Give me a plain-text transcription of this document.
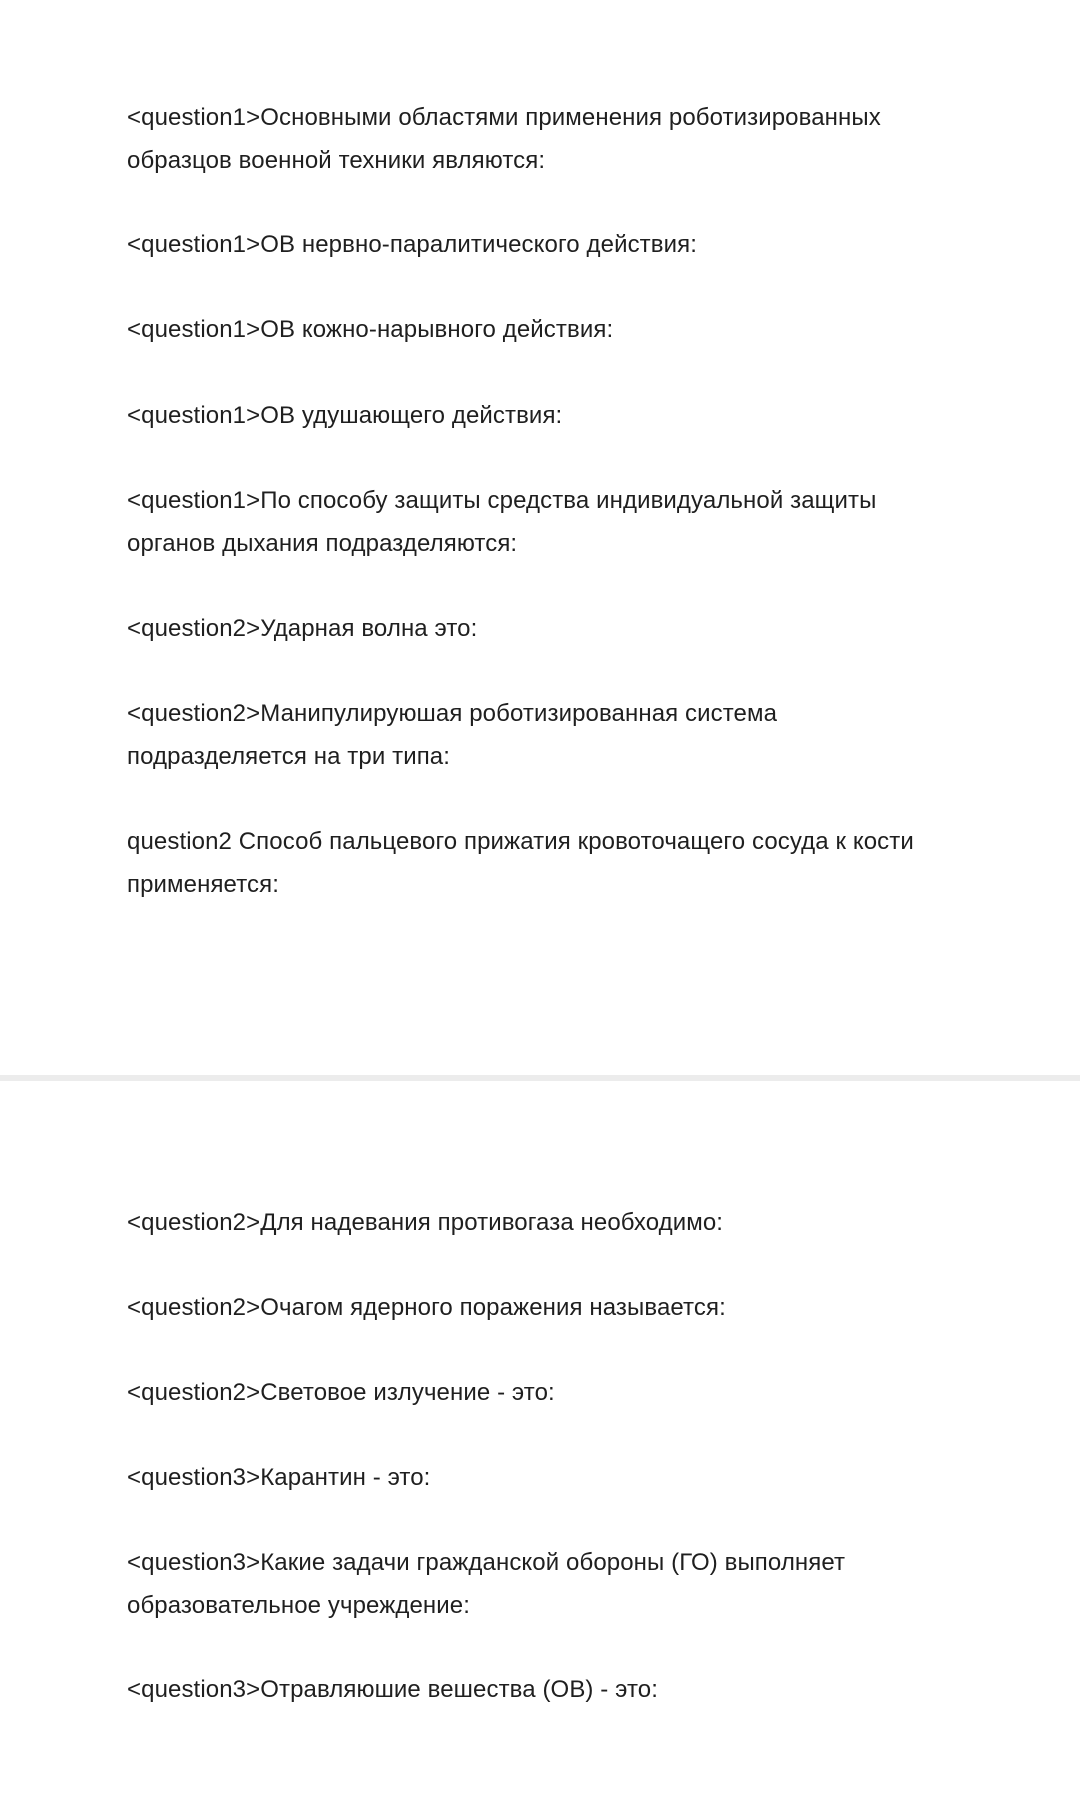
<question1>Основными областями применения роботизированных образцов военной техники являются:

<question1>ОВ нервно-паралитического действия:

<question1>ОВ кожно-нарывного действия:

<question1>ОВ удушающего действия:

<question1>По способу защиты средства индивидуальной защиты органов дыхания подразделяются:

<question2>Ударная волна это:

<question2>Манипулируюшая роботизированная система подразделяется на три типа:

question2 Способ пальцевого прижатия кровоточащего сосуда к кости применяется:

<question2>Для надевания противогаза необходимо:

<question2>Очагом ядерного поражения называется:

<question2>Световое излучение - это:

<question3>Карантин - это:

<question3>Какие задачи гражданской обороны (ГО) выполняет образовательное учреждение:

<question3>Отравляюшие вешества (ОВ) - это:
